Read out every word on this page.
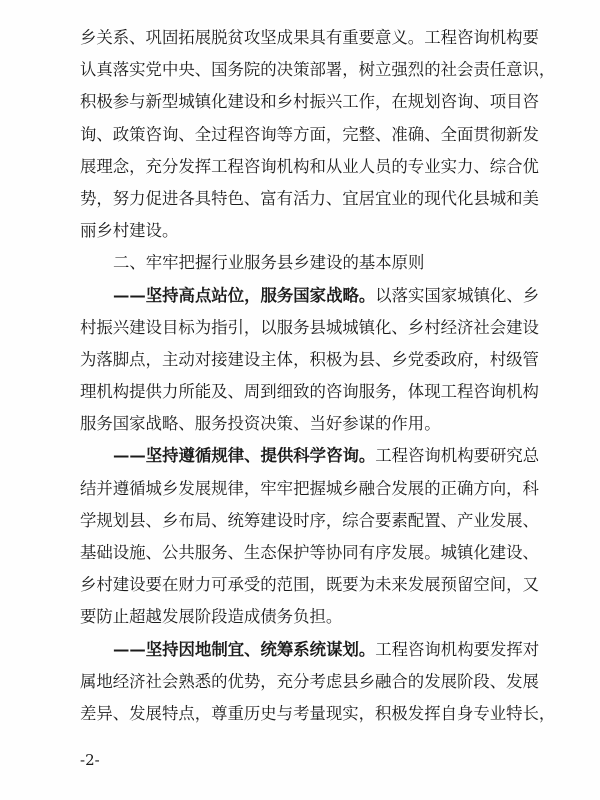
乡关系、巩固拓展脱贫攻坚成果具有重要意义。工程咨询机构要
认真落实党中央、国务院的决策部署，树立强烈的社会责任意识，
积极参与新型城镇化建设和乡村振兴工作，在规划咨询、项目咨
询、政策咨询、全过程咨询等方面，完整、准确、全面贯彻新发
展理念，充分发挥工程咨询机构和从业人员的专业实力、综合优
势，努力促进各具特色、富有活力、宜居宜业的现代化县城和美
丽乡村建设。
二、牢牢把握行业服务县乡建设的基本原则
——坚持高点站位，服务国家战略。以落实国家城镇化、乡
村振兴建设目标为指引，以服务县城城镇化、乡村经济社会建设
为落脚点，主动对接建设主体，积极为县、乡党委政府，村级管
理机构提供力所能及、周到细致的咨询服务，体现工程咨询机构
服务国家战略、服务投资决策、当好参谋的作用。
——坚持遵循规律、提供科学咨询。工程咨询机构要研究总
结并遵循城乡发展规律，牢牢把握城乡融合发展的正确方向，科
学规划县、乡布局、统筹建设时序，综合要素配置、产业发展、
基础设施、公共服务、生态保护等协同有序发展。城镇化建设、
乡村建设要在财力可承受的范围，既要为未来发展预留空间，又
要防止超越发展阶段造成债务负担。
——坚持因地制宜、统筹系统谋划。工程咨询机构要发挥对
属地经济社会熟悉的优势，充分考虑县乡融合的发展阶段、发展
差异、发展特点，尊重历史与考量现实，积极发挥自身专业特长，
-2-
